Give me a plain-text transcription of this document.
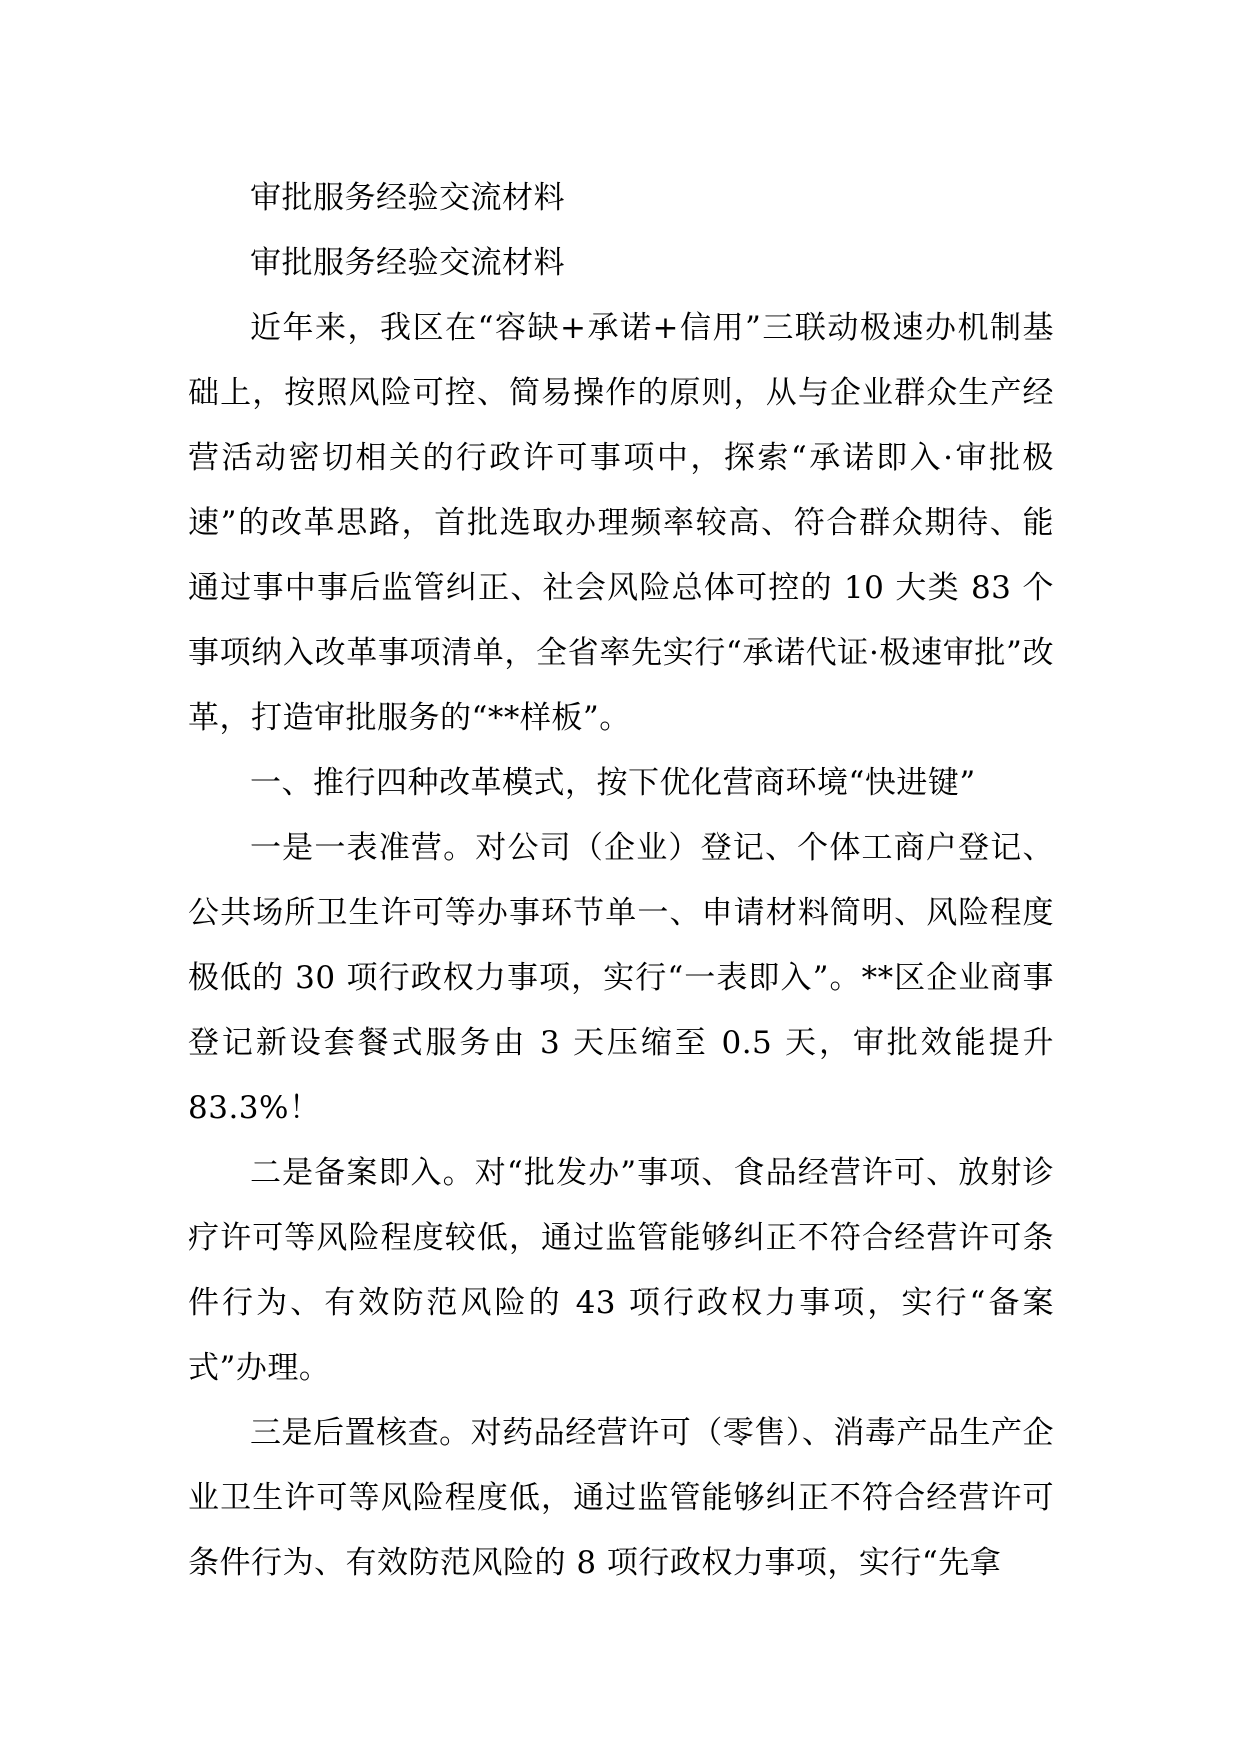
审批服务经验交流材料

审批服务经验交流材料

近年来，我区在“容缺+承诺+信用”三联动极速办机制基础上，按照风险可控、简易操作的原则，从与企业群众生产经营活动密切相关的行政许可事项中，探索“承诺即入·审批极速”的改革思路，首批选取办理频率较高、符合群众期待、能通过事中事后监管纠正、社会风险总体可控的 10 大类 83 个事项纳入改革事项清单，全省率先实行“承诺代证·极速审批”改革，打造审批服务的“**样板”。

一、推行四种改革模式，按下优化营商环境“快进键”

一是一表准营。对公司（企业）登记、个体工商户登记、公共场所卫生许可等办事环节单一、申请材料简明、风险程度极低的 30 项行政权力事项，实行“一表即入”。**区企业商事登记新设套餐式服务由 3 天压缩至 0.5 天，审批效能提升 83.3%！

二是备案即入。对“批发办”事项、食品经营许可、放射诊疗许可等风险程度较低，通过监管能够纠正不符合经营许可条件行为、有效防范风险的 43 项行政权力事项，实行“备案式”办理。

三是后置核查。对药品经营许可（零售）、消毒产品生产企业卫生许可等风险程度低，通过监管能够纠正不符合经营许可条件行为、有效防范风险的 8 项行政权力事项，实行“先拿
